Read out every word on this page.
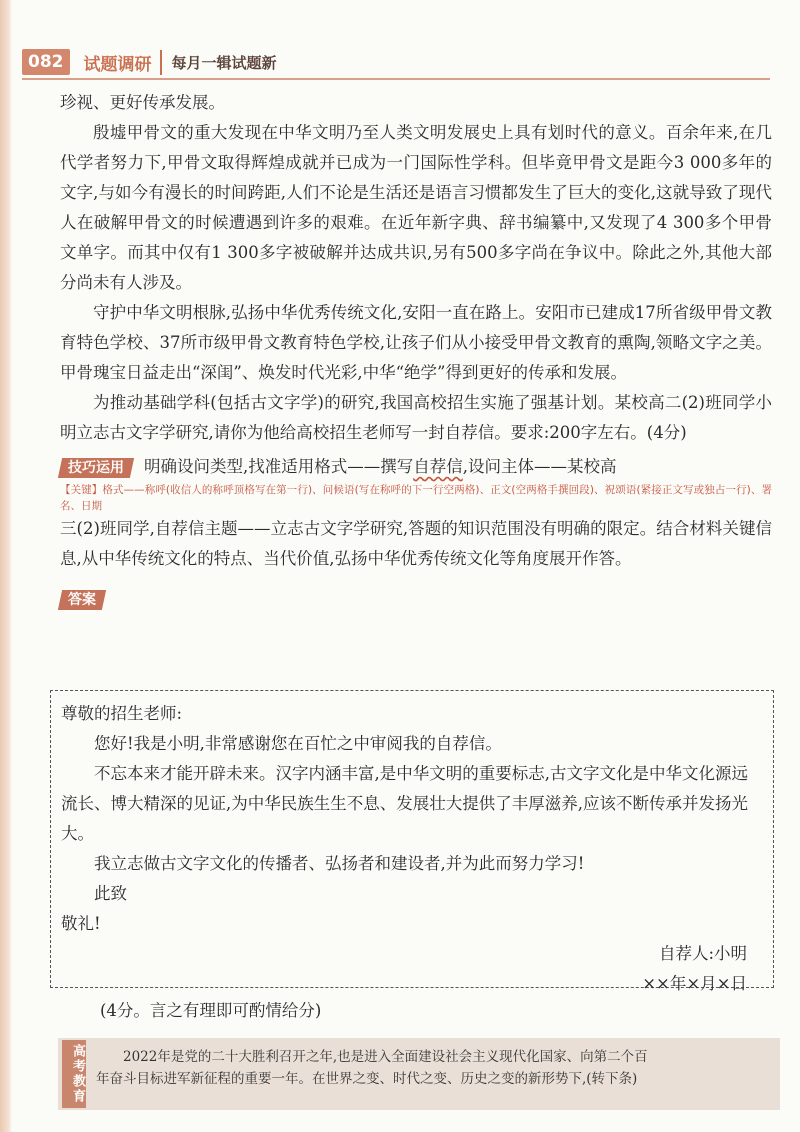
082	试题调研	每月一辑试题新

珍视、更好传承发展。

殷墟甲骨文的重大发现在中华文明乃至人类文明发展史上具有划时代的意义。百余年来,在几代学者努力下,甲骨文取得辉煌成就并已成为一门国际性学科。但毕竟甲骨文是距今3 000多年的文字,与如今有漫长的时间跨距,人们不论是生活还是语言习惯都发生了巨大的变化,这就导致了现代人在破解甲骨文的时候遭遇到许多的艰难。在近年新字典、辞书编纂中,又发现了4 300多个甲骨文单字。而其中仅有1 300多字被破解并达成共识,另有500多字尚在争议中。除此之外,其他大部分尚未有人涉及。

守护中华文明根脉,弘扬中华优秀传统文化,安阳一直在路上。安阳市已建成17所省级甲骨文教育特色学校、37所市级甲骨文教育特色学校,让孩子们从小接受甲骨文教育的熏陶,领略文字之美。甲骨瑰宝日益走出“深闺”、焕发时代光彩,中华“绝学”得到更好的传承和发展。

为推动基础学科(包括古文字学)的研究,我国高校招生实施了强基计划。某校高二(2)班同学小明立志古文字学研究,请你为他给高校招生老师写一封自荐信。要求:200字左右。(4分)

技巧运用 明确设问类型,找准适用格式——撰写自荐信,设问主体——某校高

【关键】格式——称呼(收信人的称呼顶格写在第一行)、问候语(写在称呼的下一行空两格)、正文(空两格手撰回段)、祝颂语(紧接正文写或独占一行)、署名、日期

三(2)班同学,自荐信主题——立志古文字学研究,答题的知识范围没有明确的限定。结合材料关键信息,从中华传统文化的特点、当代价值,弘扬中华优秀传统文化等角度展开作答。

答案

尊敬的招生老师:

您好!我是小明,非常感谢您在百忙之中审阅我的自荐信。

不忘本来才能开辟未来。汉字内涵丰富,是中华文明的重要标志,古文字文化是中华文化源远流长、博大精深的见证,为中华民族生生不息、发展壮大提供了丰厚滋养,应该不断传承并发扬光大。

我立志做古文字文化的传播者、弘扬者和建设者,并为此而努力学习!

此致

敬礼!

自荐人:小明

××年×月×日

(4分。言之有理即可酌情给分)
高考教育	2022年是党的二十大胜利召开之年,也是进入全面建设社会主义现代化国家、向第二个百

年奋斗目标进军新征程的重要一年。在世界之变、时代之变、历史之变的新形势下,(转下条)
